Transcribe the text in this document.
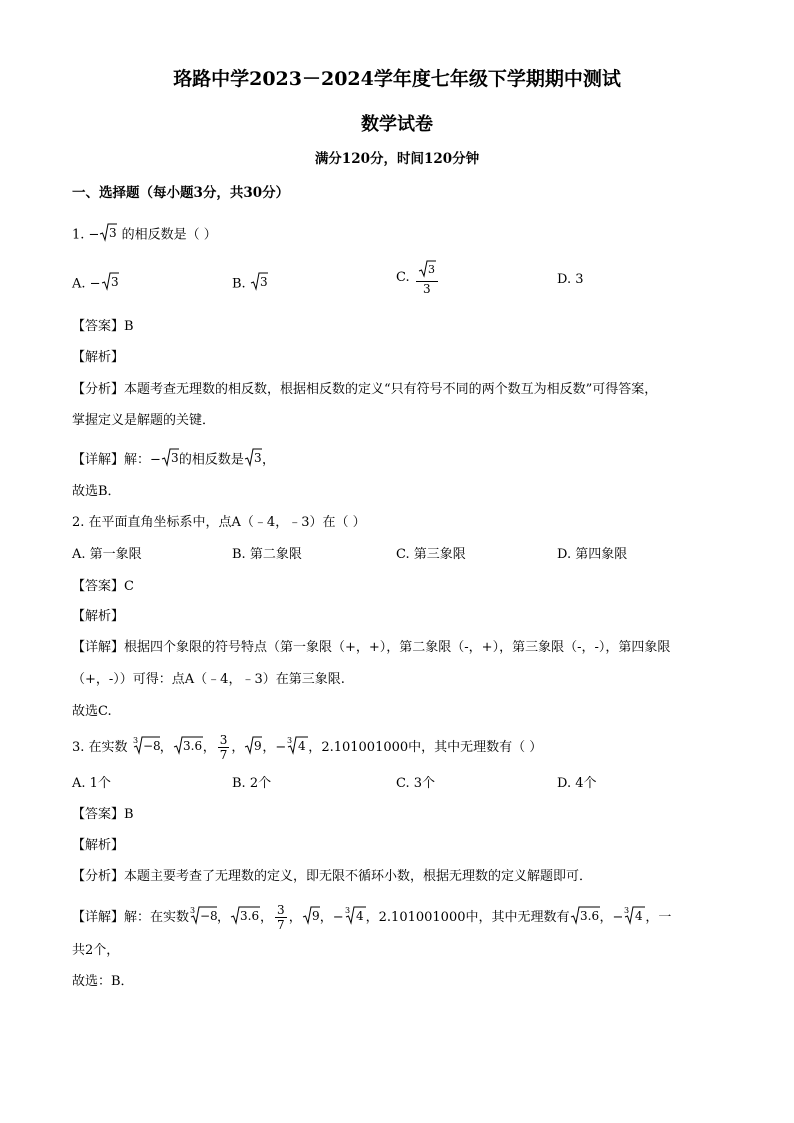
珞路中学2023－2024学年度七年级下学期期中测试
数学试卷
满分120分，时间120分钟
一、选择题（每小题3分，共30分）
1. − 3 的相反数是（ ）
A. − 3	B. 3	C. $\frac{3}{3}$	D. 3
【答案】B
【解析】
【分析】本题考查无理数的相反数，根据相反数的定义“只有符号不同的两个数互为相反数”可得答案，
掌握定义是解题的关键．
【详解】解：− 3 的相反数是 3 ，
故选B．
2. 在平面直角坐标系中，点A（﹣4，﹣3）在（ ）
A. 第一象限	B. 第二象限	C. 第三象限	D. 第四象限
【答案】C
【解析】
【详解】根据四个象限的符号特点（第一象限（+，+），第二象限（-，+），第三象限（-，-），第四象限
（+，-））可得：点A（﹣4，﹣3）在第三象限.
故选C.
3. 在实数 3 −8 ， 3.6 ， $\frac{3}{7}$ ， 9 ，− 3 4 ，2.101001000中，其中无理数有（ ）
A. 1个	B. 2个	C. 3个	D. 4个
【答案】B
【解析】
【分析】本题主要考查了无理数的定义，即无限不循环小数，根据无理数的定义解题即可．
【详解】解：在实数 3 −8 ， 3.6 ， $\frac{3}{7}$ ， 9 ，− 3 4 ，2.101001000中，其中无理数有 3.6 ，− 3 4 ，一
共2个，
故选：B．
